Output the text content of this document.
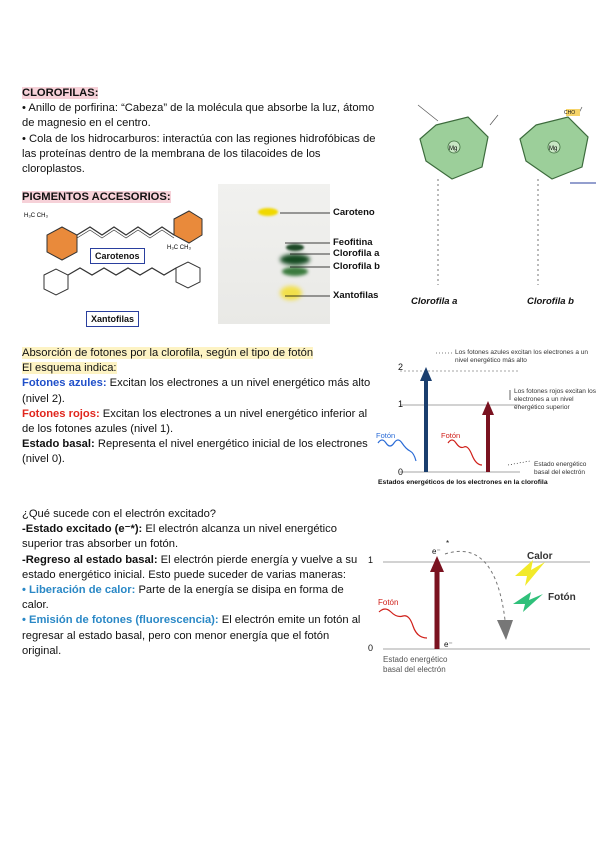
CLOROFILAS:

• Anillo de porfirina: “Cabeza” de la molécula que absorbe la luz, átomo de magnesio en el centro.

• Cola de los hidrocarburos: interactúa con las regiones hidrofóbicas de las proteínas dentro de la membrana de los tilacoides de los cloroplastos.

PIGMENTOS ACCESORIOS:
H₃C CH₃
H₃C CH₃
Carotenos
Xantofilas
Caroteno
Feofitina
Clorofila a
Clorofila b
Xantofilas
Mg	Mg
Clorofila a	Clorofila b
CHO

Absorción de fotones por la clorofila, según el tipo de fotón

El esquema indica:

Fotones azules: Excitan los electrones a un nivel energético más alto (nivel 2).

Fotones rojos: Excitan los electrones a un nivel energético inferior al de los fotones azules (nivel 1).

Estado basal: Representa el nivel energético inicial de los electrones (nivel 0).

2
1
0
Los fotones azules excitan los electrones a un nivel energético más alto
Los fotones rojos excitan los electrones a un nivel energético superior
Estado energético basal del electrón
Fotón	Fotón
Estados energéticos de los electrones en la clorofila

¿Qué sucede con el electrón excitado?

-Estado excitado (e⁻*): El electrón alcanza un nivel energético superior tras absorber un fotón.

-Regreso al estado basal: El electrón pierde energía y vuelve a su estado energético inicial. Esto puede suceder de varias maneras:

• Liberación de calor: Parte de la energía se disipa en forma de calor.

• Emisión de fotones (fluorescencia): El electrón emite un fotón al regresar al estado basal, pero con menor energía que el fotón original.

1
0
e⁻
*
e⁻
Calor
Fotón
Fotón
Estado energético basal del electrón
